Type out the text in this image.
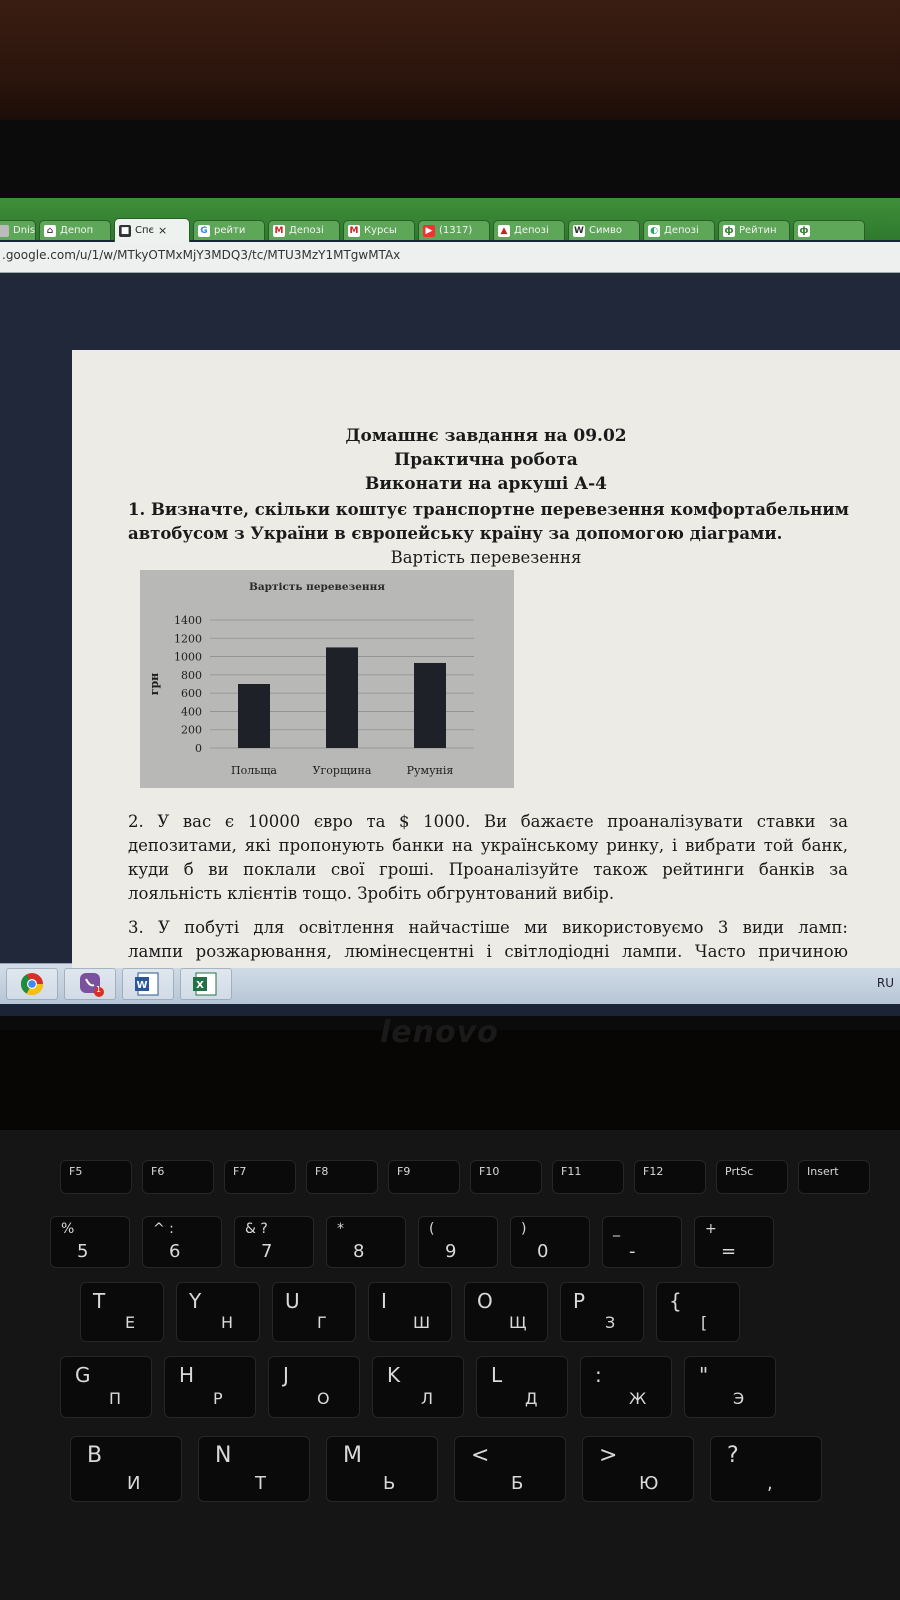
Dnis	⌂ Депоп	■ Спє ×	G рейти	M Депозі	M Курсы	▶ (1317)	▲ Депозі	W Симво	◐ Депозі	ф Рейтин	ф
.google.com/u/1/w/MTkyOTMxMjY3MDQ3/tc/MTU3MzY1MTgwMTAx
1	W	X	RU
Домашнє завдання на 09.02
Практична робота
Виконати на аркуші А-4
1. Визначте, скільки коштує транспортне перевезення комфортабельним
автобусом з України в європейську країну за допомогою діаграми.
Вартість перевезення
Вартість перевезення
0
200
400
600
800
1000
1200
1400
грн
Польща	Угорщина	Румунія
2. У вас є 10000 євро та $ 1000. Ви бажаєте проаналізувати ставки за
депозитами, які пропонують банки на українському ринку, і вибрати той банк,
куди б ви поклали свої гроші. Проаналізуйте також рейтинги банків за
лояльність клієнтів тощо. Зробіть обгрунтований вибір.
3. У побуті для освітлення найчастіше ми використовуємо 3 види ламп:
лампи розжарювання, люмінесцентні і світлодіодні лампи. Часто причиною
lenovo
F5	F6	F7	F8	F9	F10	F11	F12	PrtSc	Insert
%
5
^ :
6
& ?
7
*
8
(
9
)
0
_
-
+
=
T
Е
Y
Н
U
Г
I
Ш
O
Щ
P
З
{
[
G
П
H
Р
J
О
K
Л
L
Д
:
Ж
"
Э
B
И
N
Т
M
Ь
<
Б
>
Ю
?
,
